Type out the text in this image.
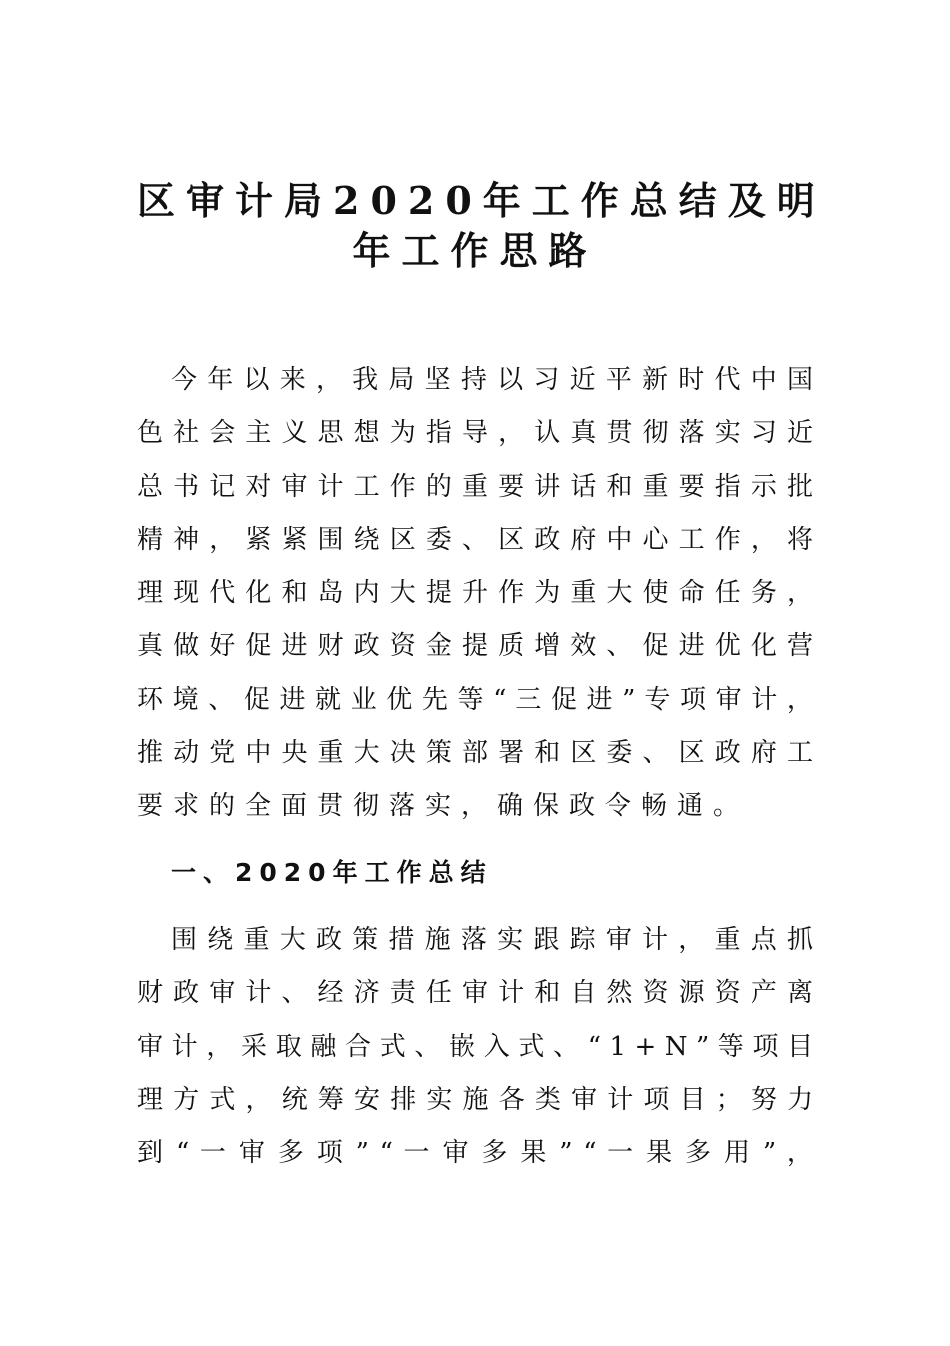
区审计局2020年工作总结及明
年工作思路
今 年 以 来 ， 我 局 坚 持 以 习 近 平 新 时 代 中 国
色 社 会 主 义 思 想 为 指 导 ， 认 真 贯 彻 落 实 习 近
总 书 记 对 审 计 工 作 的 重 要 讲 话 和 重 要 指 示 批
精 神 ， 紧 紧 围 绕 区 委 、 区 政 府 中 心 工 作 ， 将
理 现 代 化 和 岛 内 大 提 升 作 为 重 大 使 命 任 务 ，
真 做 好 促 进 财 政 资 金 提 质 增 效 、 促 进 优 化 营
环 境 、 促 进 就 业 优 先 等 “ 三 促 进 ” 专 项 审 计 ，
推 动 党 中 央 重 大 决 策 部 署 和 区 委 、 区 政 府 工
要求的全面贯彻落实，确保政令畅通。
一、2020年工作总结
围 绕 重 大 政 策 措 施 落 实 跟 踪 审 计 ， 重 点 抓
财 政 审 计 、 经 济 责 任 审 计 和 自 然 资 源 资 产 离
审 计 ， 采 取 融 合 式 、 嵌 入 式 、 “ 1 + N ” 等 项 目
理 方 式 ， 统 筹 安 排 实 施 各 类 审 计 项 目 ； 努 力
到 “ 一 审 多 项 ” “ 一 审 多 果 ” “ 一 果 多 用 ” ，
